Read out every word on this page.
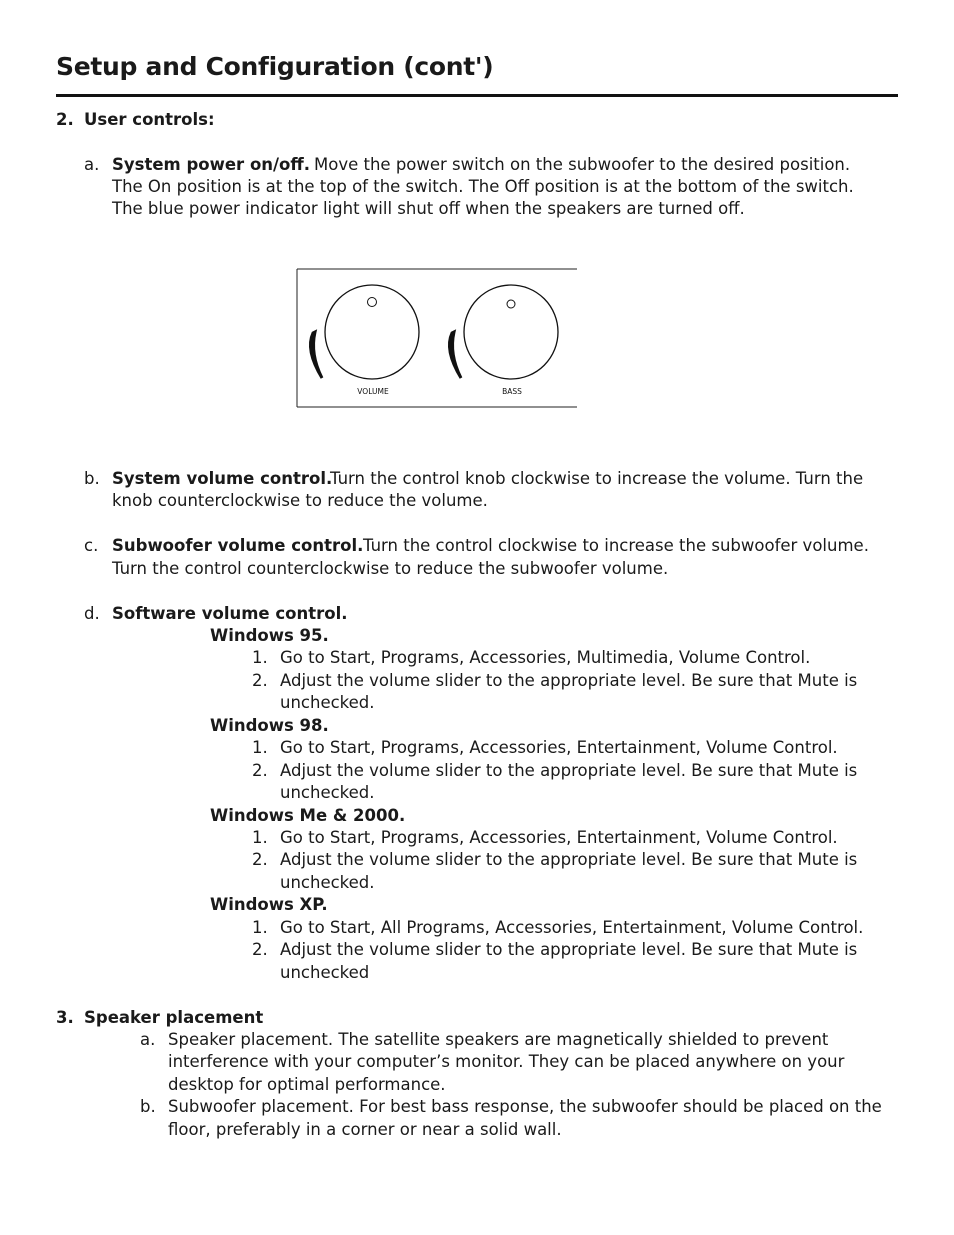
Setup and Configuration (cont')
2. User controls:
a. System power on/off. Move the power switch on the subwoofer to the desired position.
The On position is at the top of the switch. The Off position is at the bottom of the switch.
The blue power indicator light will shut off when the speakers are turned off.
VOLUME	BASS
b. System volume control.
Turn the control knob clockwise to increase the volume. Turn the
knob counterclockwise to reduce the volume.
c. Subwoofer volume control. Turn the control clockwise to increase the subwoofer volume.
Turn the control counterclockwise to reduce the subwoofer volume.
d. Software volume control.
Windows 95.
1. Go to Start, Programs, Accessories, Multimedia, Volume Control.
2. Adjust the volume slider to the appropriate level. Be sure that Mute is
unchecked.
Windows 98.
1. Go to Start, Programs, Accessories, Entertainment, Volume Control.
2. Adjust the volume slider to the appropriate level. Be sure that Mute is
unchecked.
Windows Me & 2000.
1. Go to Start, Programs, Accessories, Entertainment, Volume Control.
2. Adjust the volume slider to the appropriate level. Be sure that Mute is
unchecked.
Windows XP.
1. Go to Start, All Programs, Accessories, Entertainment, Volume Control.
2. Adjust the volume slider to the appropriate level. Be sure that Mute is
unchecked
3. Speaker placement
a. Speaker placement. The satellite speakers are magnetically shielded to prevent
interference with your computer’s monitor. They can be placed anywhere on your
desktop for optimal performance.
b. Subwoofer placement. For best bass response, the subwoofer should be placed on the
floor, preferably in a corner or near a solid wall.
